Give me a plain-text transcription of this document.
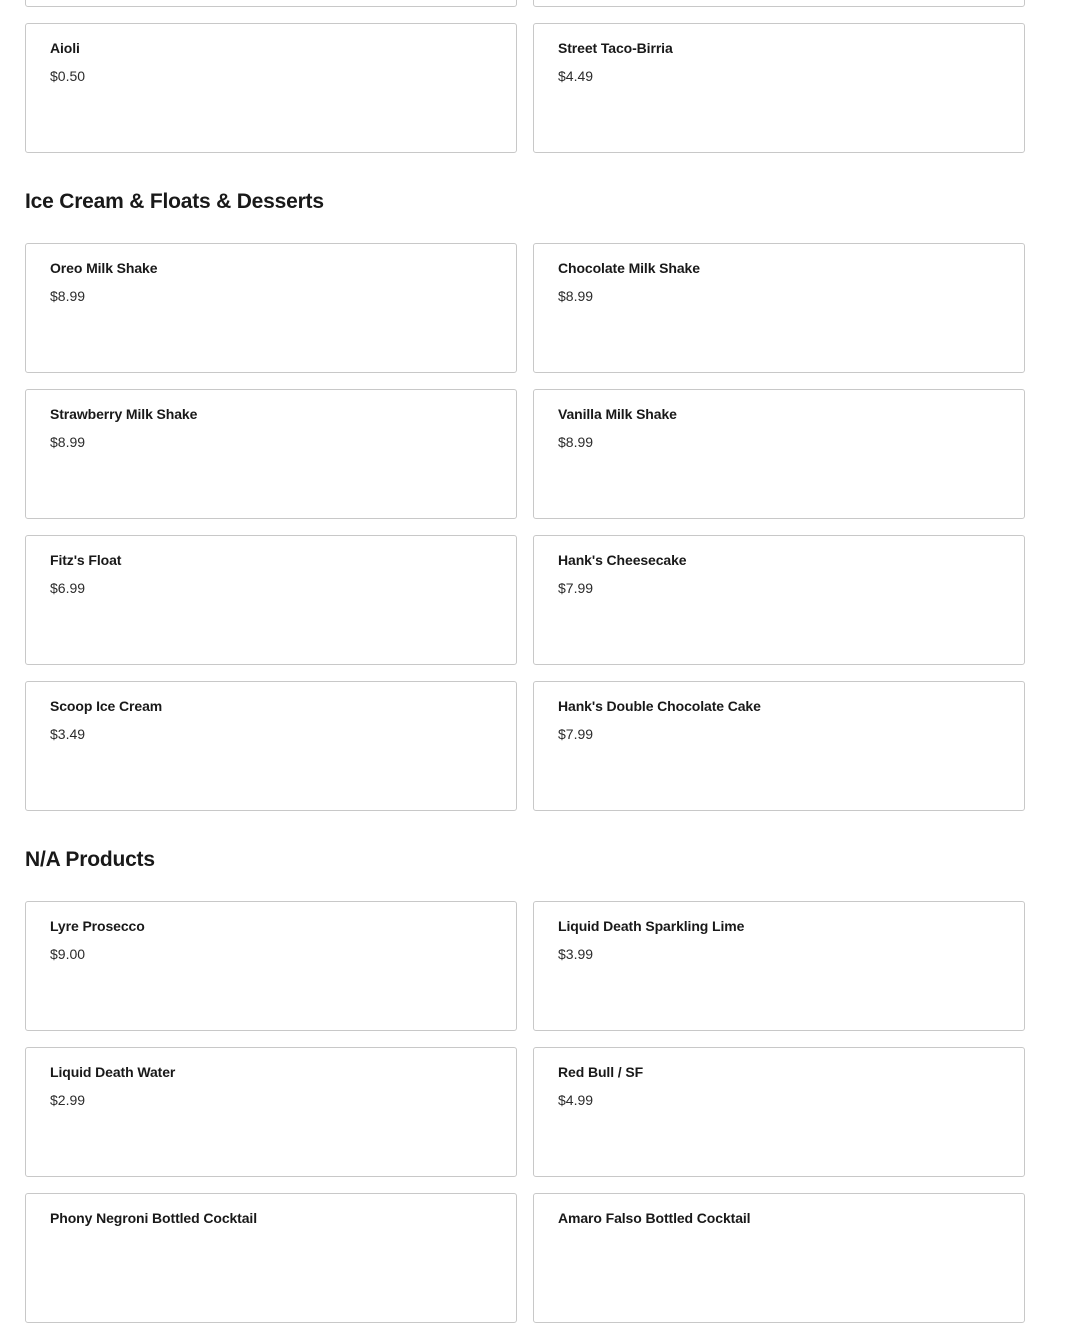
Aioli
$0.50
Street Taco-Birria
$4.49
Ice Cream & Floats & Desserts
Oreo Milk Shake
$8.99
Chocolate Milk Shake
$8.99
Strawberry Milk Shake
$8.99
Vanilla Milk Shake
$8.99
Fitz's Float
$6.99
Hank's Cheesecake
$7.99
Scoop Ice Cream
$3.49
Hank's Double Chocolate Cake
$7.99
N/A Products
Lyre Prosecco
$9.00
Liquid Death Sparkling Lime
$3.99
Liquid Death Water
$2.99
Red Bull / SF
$4.99
Phony Negroni Bottled Cocktail	Amaro Falso Bottled Cocktail
